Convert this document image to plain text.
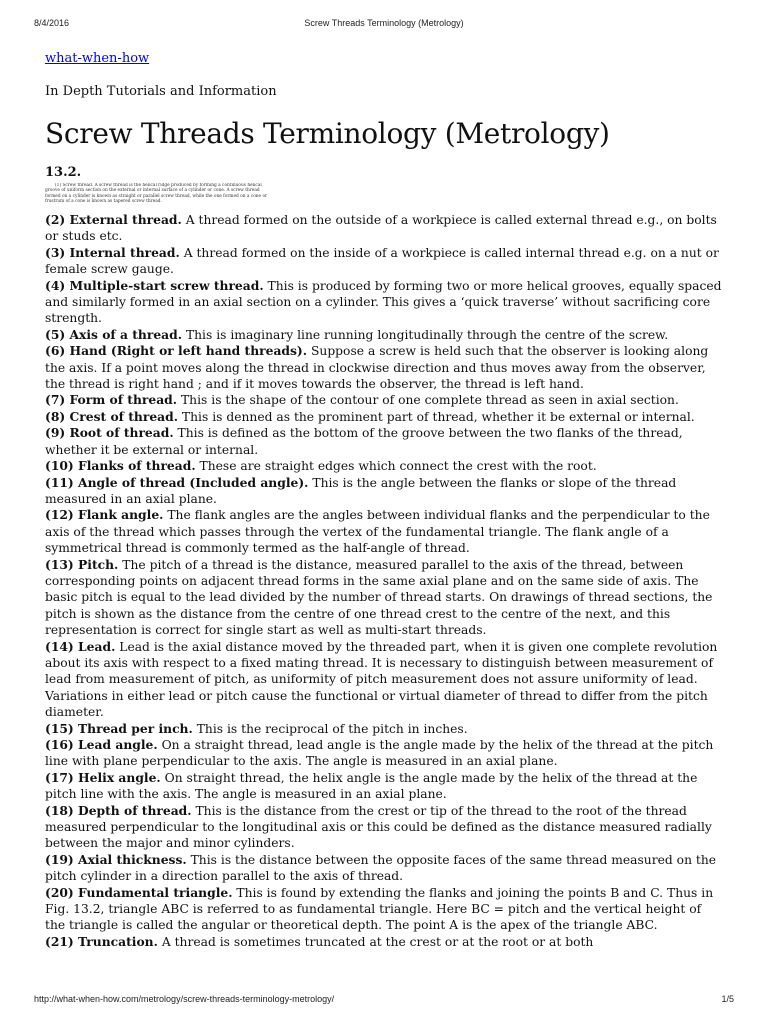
8/4/2016	Screw Threads Terminology (Metrology)
what-when-how
In Depth Tutorials and Information
Screw Threads Terminology (Metrology)
13.2.
(1) Screw thread. A screw thread is the helical ridge produced by forming a continuous helical groove of uniform section on the external or internal surface of a cylinder or cone. A screw thread formed on a cylinder is known as straight or parallel screw thread, while the one formed on a cone or frustrum of a cone is known as tapered screw thread.

(2) External thread. A thread formed on the outside of a workpiece is called external thread e.g., on bolts or studs etc.

(3) Internal thread. A thread formed on the inside of a workpiece is called internal thread e.g. on a nut or female screw gauge.

(4) Multiple-start screw thread. This is produced by forming two or more helical grooves, equally spaced and similarly formed in an axial section on a cylinder. This gives a ‘quick traverse’ without sacrificing core strength.

(5) Axis of a thread. This is imaginary line running longitudinally through the centre of the screw.

(6) Hand (Right or left hand threads). Suppose a screw is held such that the observer is looking along the axis. If a point moves along the thread in clockwise direction and thus moves away from the observer, the thread is right hand ; and if it moves towards the observer, the thread is left hand.

(7) Form of thread. This is the shape of the contour of one complete thread as seen in axial section.

(8) Crest of thread. This is denned as the prominent part of thread, whether it be external or internal.

(9) Root of thread. This is defined as the bottom of the groove between the two flanks of the thread, whether it be external or internal.

(10) Flanks of thread. These are straight edges which connect the crest with the root.

(11) Angle of thread (Included angle). This is the angle between the flanks or slope of the thread measured in an axial plane.

(12) Flank angle. The flank angles are the angles between individual flanks and the perpendicular to the axis of the thread which passes through the vertex of the fundamental triangle. The flank angle of a symmetrical thread is commonly termed as the half-angle of thread.

(13) Pitch. The pitch of a thread is the distance, measured parallel to the axis of the thread, between corresponding points on adjacent thread forms in the same axial plane and on the same side of axis. The basic pitch is equal to the lead divided by the number of thread starts. On drawings of thread sections, the pitch is shown as the distance from the centre of one thread crest to the centre of the next, and this representation is correct for single start as well as multi-start threads.

(14) Lead. Lead is the axial distance moved by the threaded part, when it is given one complete revolution about its axis with respect to a fixed mating thread. It is necessary to distinguish between measurement of lead from measurement of pitch, as uniformity of pitch measurement does not assure uniformity of lead. Variations in either lead or pitch cause the functional or virtual diameter of thread to differ from the pitch diameter.

(15) Thread per inch. This is the reciprocal of the pitch in inches.

(16) Lead angle. On a straight thread, lead angle is the angle made by the helix of the thread at the pitch line with plane perpendicular to the axis. The angle is measured in an axial plane.

(17) Helix angle. On straight thread, the helix angle is the angle made by the helix of the thread at the pitch line with the axis. The angle is measured in an axial plane.

(18) Depth of thread. This is the distance from the crest or tip of the thread to the root of the thread measured perpendicular to the longitudinal axis or this could be defined as the distance measured radially between the major and minor cylinders.

(19) Axial thickness. This is the distance between the opposite faces of the same thread measured on the pitch cylinder in a direction parallel to the axis of thread.

(20) Fundamental triangle. This is found by extending the flanks and joining the points B and C. Thus in Fig. 13.2, triangle ABC is referred to as fundamental triangle. Here BC = pitch and the vertical height of the triangle is called the angular or theoretical depth. The point A is the apex of the triangle ABC.

(21) Truncation. A thread is sometimes truncated at the crest or at the root or at both

http://what-when-how.com/metrology/screw-threads-terminology-metrology/	1/5
